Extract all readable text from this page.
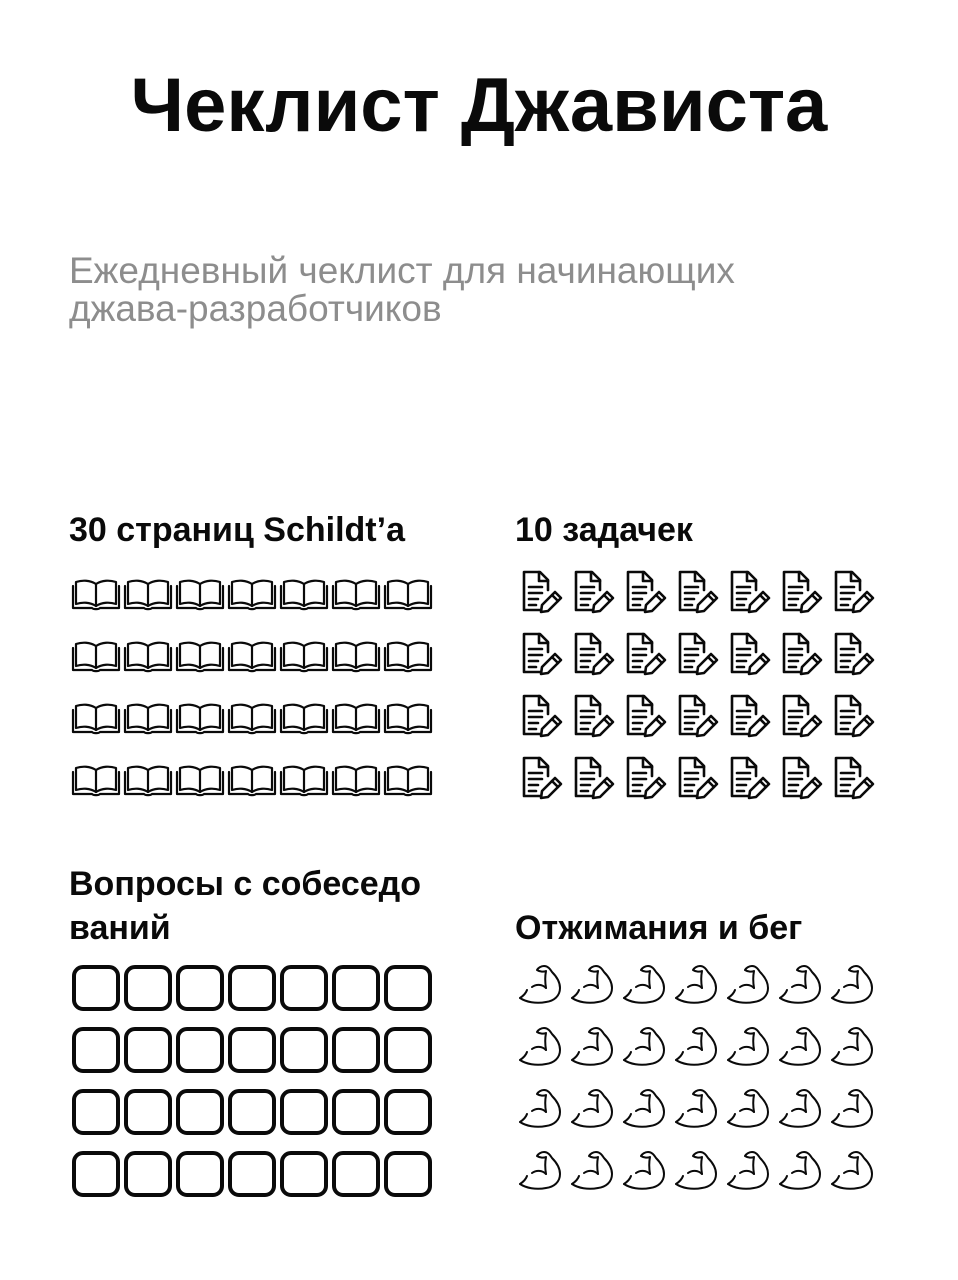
Чеклист Джависта
Ежедневный чеклист для начинающих
джава-разработчиков
30 страниц Schildt’a	10 задачек
Вопросы с собеседо
ваний	Отжимания и бег
